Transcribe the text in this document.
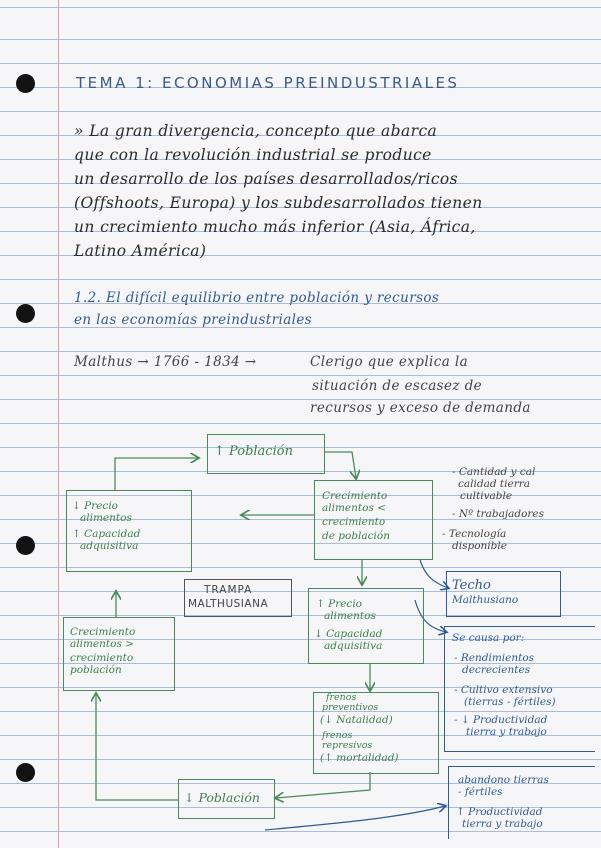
TEMA 1: ECONOMIAS PREINDUSTRIALES

» La gran divergencia, concepto que abarca

que con la revolución industrial se produce

un desarrollo de los países desarrollados/ricos

(Offshoots, Europa) y los subdesarrollados tienen

un crecimiento mucho más inferior (Asia, África,

Latino América)

1.2. El difícil equilibrio entre población y recursos

en las economías preindustriales

Malthus → 1766 - 1834 →	Clerigo que explica la

situación de escasez de

recursos y exceso de demanda

↑ Población

Crecimiento

alimentos <

crecimiento

de población

↓ Precio

alimentos

↑ Capacidad

adquisitiva

TRAMPA

MALTHUSIANA	↑ Precio

alimentos

↓ Capacidad

adquisitiva

Crecimiento

alimentos >

crecimiento

población

frenos

preventivos

(↓ Natalidad)

frenos

represivos

(↑ mortalidad)

↓ Población

- Cantidad y cal

calidad tierra

cultivable

- Nº trabajadores

- Tecnología

disponible

Techo

Malthusiano

Se causa por:

- Rendimientos

decrecientes

- Cultivo extensivo

(tierras - fértiles)

- ↓ Productividad

tierra y trabajo

abandono tierras

- fértiles

↑ Productividad

tierra y trabajo
